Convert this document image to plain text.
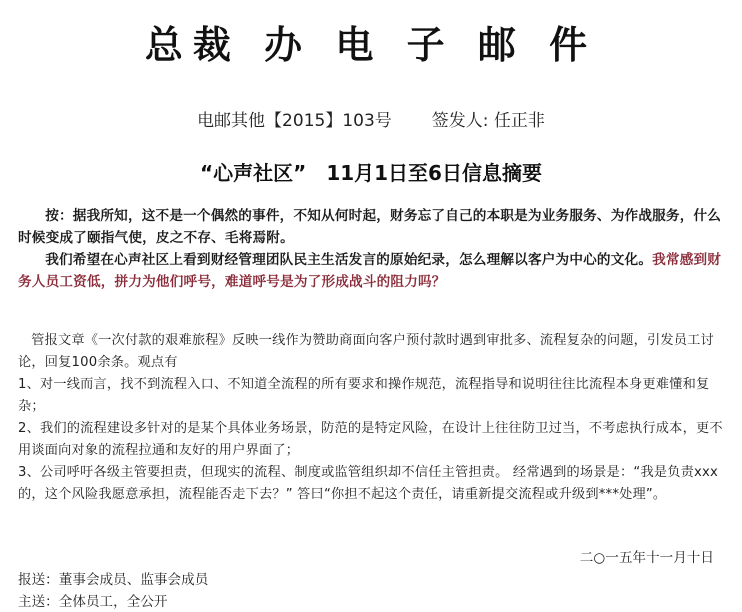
总裁 办 电 子 邮 件
电邮其他【2015】103号 签发人: 任正非
“心声社区” 11月1日至6日信息摘要

按：据我所知，这不是一个偶然的事件，不知从何时起，财务忘了自己的本职是为业务服务、为作战服务，什么时候变成了颐指气使，皮之不存、毛将焉附。

我们希望在心声社区上看到财经管理团队民主生活发言的原始纪录，怎么理解以客户为中心的文化。我常感到财务人员工资低，拼力为他们呼号，难道呼号是为了形成战斗的阻力吗？

管报文章《一次付款的艰难旅程》反映一线作为赞助商面向客户预付款时遇到审批多、流程复杂的问题，引发员工讨论，回复100余条。观点有

1、对一线而言，找不到流程入口、不知道全流程的所有要求和操作规范，流程指导和说明往往比流程本身更难懂和复杂；

2、我们的流程建设多针对的是某个具体业务场景，防范的是特定风险，在设计上往往防卫过当，不考虑执行成本，更不用谈面向对象的流程拉通和友好的用户界面了；

3、公司呼吁各级主管要担责，但现实的流程、制度或监管组织却不信任主管担责。 经常遇到的场景是：“我是负责xxx的，这个风险我愿意承担，流程能否走下去？” 答曰“你担不起这个责任，请重新提交流程或升级到***处理”。

二○一五年十一月十日
报送：董事会成员、监事会成员
主送：全体员工，全公开
